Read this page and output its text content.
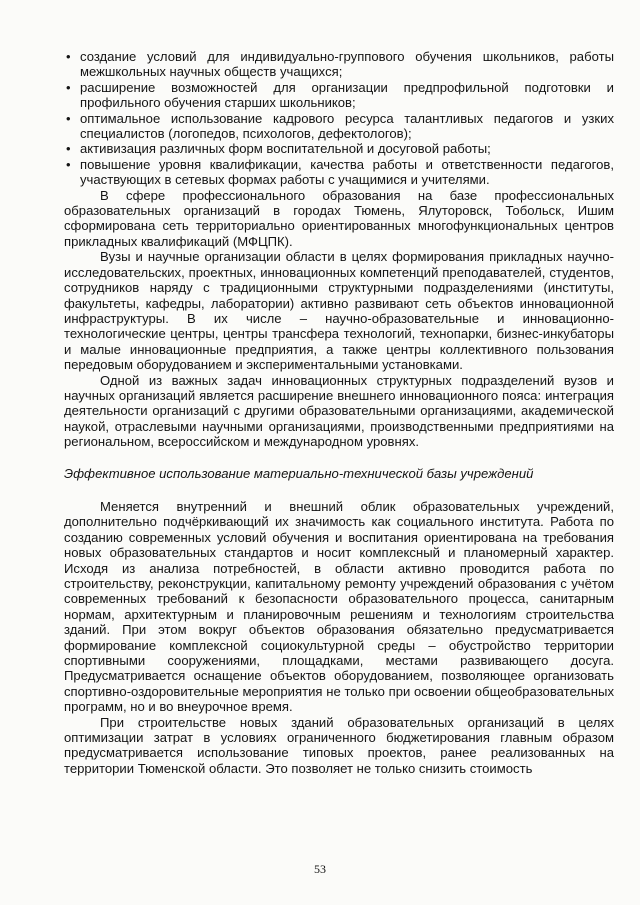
• создание условий для индивидуально-группового обучения школьников, работы межшкольных научных обществ учащихся;
• расширение возможностей для организации предпрофильной подготовки и профильного обучения старших школьников;
• оптимальное использование кадрового ресурса талантливых педагогов и узких специалистов (логопедов, психологов, дефектологов);
• активизация различных форм воспитательной и досуговой работы;
• повышение уровня квалификации, качества работы и ответственности педагогов, участвующих в сетевых формах работы с учащимися и учителями.

В сфере профессионального образования на базе профессиональных образовательных организаций в городах Тюмень, Ялуторовск, Тобольск, Ишим сформирована сеть территориально ориентированных многофункциональных центров прикладных квалификаций (МФЦПК).

Вузы и научные организации области в целях формирования прикладных научно-исследовательских, проектных, инновационных компетенций преподавателей, студентов, сотрудников наряду с традиционными структурными подразделениями (институты, факультеты, кафедры, лаборатории) активно развивают сеть объектов инновационной инфраструктуры. В их числе – научно-образовательные и инновационно-технологические центры, центры трансфера технологий, технопарки, бизнес-инкубаторы и малые инновационные предприятия, а также центры коллективного пользования передовым оборудованием и экспериментальными установками.

Одной из важных задач инновационных структурных подразделений вузов и научных организаций является расширение внешнего инновационного пояса: интеграция деятельности организаций с другими образовательными организациями, академической наукой, отраслевыми научными организациями, производственными предприятиями на региональном, всероссийском и международном уровнях.

Эффективное использование материально-технической базы учреждений

Меняется внутренний и внешний облик образовательных учреждений, дополнительно подчёркивающий их значимость как социального института. Работа по созданию современных условий обучения и воспитания ориентирована на требования новых образовательных стандартов и носит комплексный и планомерный характер. Исходя из анализа потребностей, в области активно проводится работа по строительству, реконструкции, капитальному ремонту учреждений образования с учётом современных требований к безопасности образовательного процесса, санитарным нормам, архитектурным и планировочным решениям и технологиям строительства зданий. При этом вокруг объектов образования обязательно предусматривается формирование комплексной социокультурной среды – обустройство территории спортивными сооружениями, площадками, местами развивающего досуга. Предусматривается оснащение объектов оборудованием, позволяющее организовать спортивно-оздоровительные мероприятия не только при освоении общеобразовательных программ, но и во внеурочное время.

При строительстве новых зданий образовательных организаций в целях оптимизации затрат в условиях ограниченного бюджетирования главным образом предусматривается использование типовых проектов, ранее реализованных на территории Тюменской области. Это позволяет не только снизить стоимость

53
